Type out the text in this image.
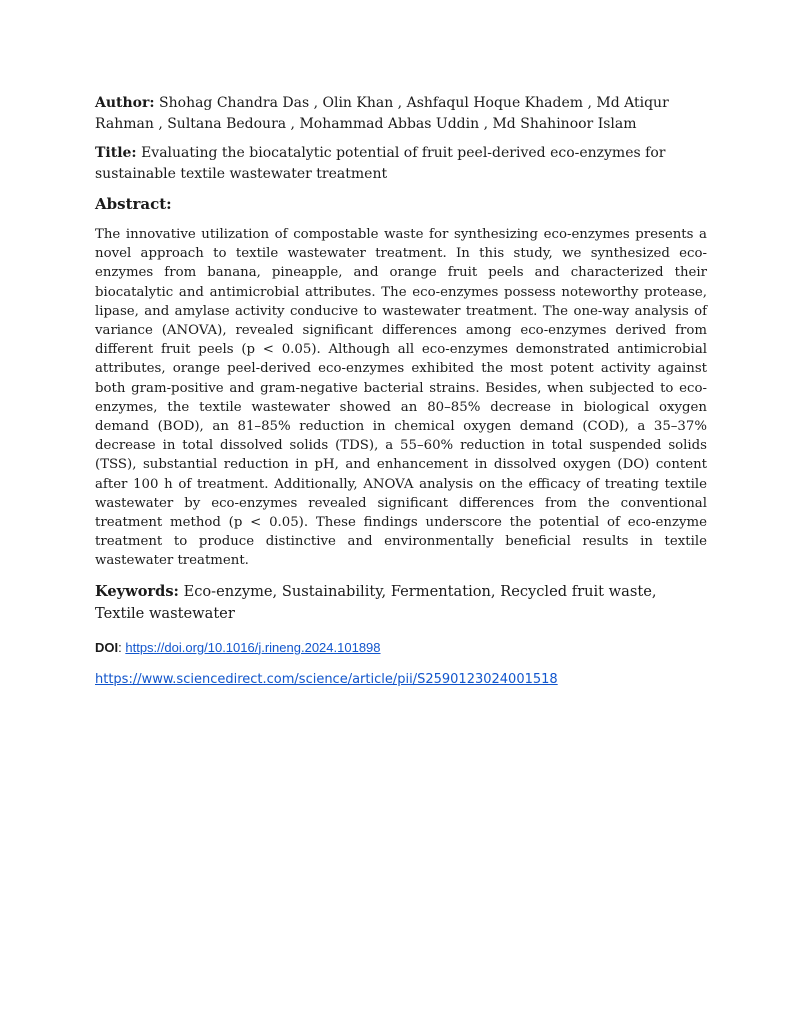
Author: Shohag Chandra Das , Olin Khan , Ashfaqul Hoque Khadem , Md Atiqur Rahman , Sultana Bedoura , Mohammad Abbas Uddin , Md Shahinoor Islam

Title: Evaluating the biocatalytic potential of fruit peel-derived eco-enzymes for sustainable textile wastewater treatment

Abstract:

The innovative utilization of compostable waste for synthesizing eco-enzymes presents a novel approach to textile wastewater treatment. In this study, we synthesized eco-enzymes from banana, pineapple, and orange fruit peels and characterized their biocatalytic and antimicrobial attributes. The eco-enzymes possess noteworthy protease, lipase, and amylase activity conducive to wastewater treatment. The one-way analysis of variance (ANOVA), revealed significant differences among eco-enzymes derived from different fruit peels (p < 0.05). Although all eco-enzymes demonstrated antimicrobial attributes, orange peel-derived eco-enzymes exhibited the most potent activity against both gram-positive and gram-negative bacterial strains. Besides, when subjected to eco-enzymes, the textile wastewater showed an 80–85% decrease in biological oxygen demand (BOD), an 81–85% reduction in chemical oxygen demand (COD), a 35–37% decrease in total dissolved solids (TDS), a 55–60% reduction in total suspended solids (TSS), substantial reduction in pH, and enhancement in dissolved oxygen (DO) content after 100 h of treatment. Additionally, ANOVA analysis on the efficacy of treating textile wastewater by eco-enzymes revealed significant differences from the conventional treatment method (p < 0.05). These findings underscore the potential of eco-enzyme treatment to produce distinctive and environmentally beneficial results in textile wastewater treatment.

Keywords: Eco-enzyme, Sustainability, Fermentation, Recycled fruit waste, Textile wastewater

DOI: https://doi.org/10.1016/j.rineng.2024.101898

https://www.sciencedirect.com/science/article/pii/S2590123024001518
